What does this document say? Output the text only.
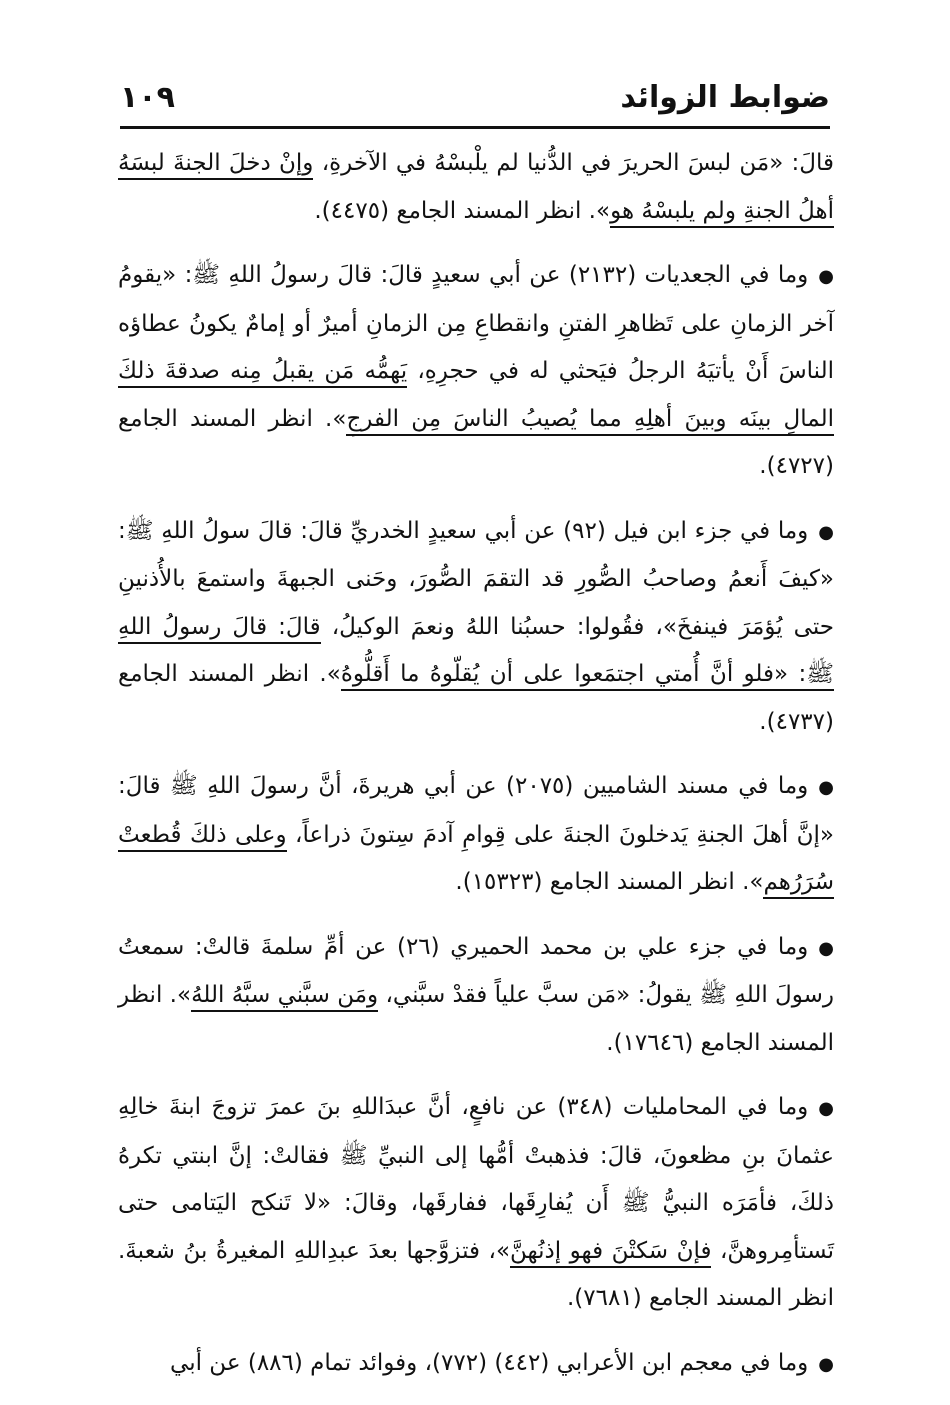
ضوابط الزوائد
١٠٩

قالَ: «مَن لبسَ الحريرَ في الدُّنيا لم يلْبسْهُ في الآخرةِ، وإنْ دخلَ الجنةَ لبسَهُ أهلُ الجنةِ ولم يلبسْهُ هو». انظر المسند الجامع (٤٤٧٥).

●وما في الجعديات (٢١٣٢) عن أبي سعيدٍ قالَ: قالَ رسولُ اللهِ ﷺ: «يقومُ آخر الزمانِ على تَظاهرِ الفتنِ وانقطاعِ مِن الزمانِ أميرٌ أو إمامٌ يكونُ عطاؤه الناسَ أَنْ يأتيَهُ الرجلُ فيَحثي له في حجرِهِ، يَهمُّه مَن يقبلُ مِنه صدقةَ ذلكَ المالِ بينَه وبينَ أهلِهِ مما يُصيبُ الناسَ مِن الفرجِ». انظر المسند الجامع (٤٧٢٧).

●وما في جزء ابن فيل (٩٢) عن أبي سعيدٍ الخدريِّ قالَ: قالَ سولُ اللهِ ﷺ: «كيفَ أَنعمُ وصاحبُ الصُّورِ قد التقمَ الصُّورَ، وحَنى الجبهةَ واستمعَ بالأُذنينِ حتى يُؤمَرَ فينفخَ»، فقُولوا: حسبُنا اللهُ ونعمَ الوكيلُ، قالَ: قالَ رسولُ اللهِ ﷺ: «فلو أنَّ أُمتي اجتمَعوا على أن يُقلّوهُ ما أَقلُّوهُ». انظر المسند الجامع (٤٧٣٧).

●وما في مسند الشاميين (٢٠٧٥) عن أبي هريرةَ، أنَّ رسولَ اللهِ ﷺ قالَ: «إنَّ أهلَ الجنةِ يَدخلونَ الجنةَ على قِوامِ آدمَ سِتونَ ذراعاً، وعلى ذلكَ قُطعتْ سُرَرُهم». انظر المسند الجامع (١٥٣٢٣).

●وما في جزء علي بن محمد الحميري (٢٦) عن أمِّ سلمةَ قالتْ: سمعتُ رسولَ اللهِ ﷺ يقولُ: «مَن سبَّ علياً فقدْ سبَّني، ومَن سبَّني سبَّهُ اللهُ». انظر المسند الجامع (١٧٦٤٦).

●وما في المحامليات (٣٤٨) عن نافعٍ، أنَّ عبدَاللهِ بنَ عمرَ تزوجَ ابنةَ خالِهِ عثمانَ بنِ مظعونَ، قالَ: فذهبتْ أمُّها إلى النبيِّ ﷺ فقالتْ: إنَّ ابنتي تكرهُ ذلكَ، فأمَرَه النبيُّ ﷺ أَن يُفارِقَها، ففارقَها، وقالَ: «لا تَنكح اليَتامى حتى تَستأمِروهنَّ، فإنْ سَكتْنَ فهو إذنُهنَّ»، فتزوَّجها بعدَ عبدِاللهِ المغيرةُ بنُ شعبةَ. انظر المسند الجامع (٧٦٨١).

●وما في معجم ابن الأعرابي (٤٤٢) (٧٧٢)، وفوائد تمام (٨٨٦) عن أبي
